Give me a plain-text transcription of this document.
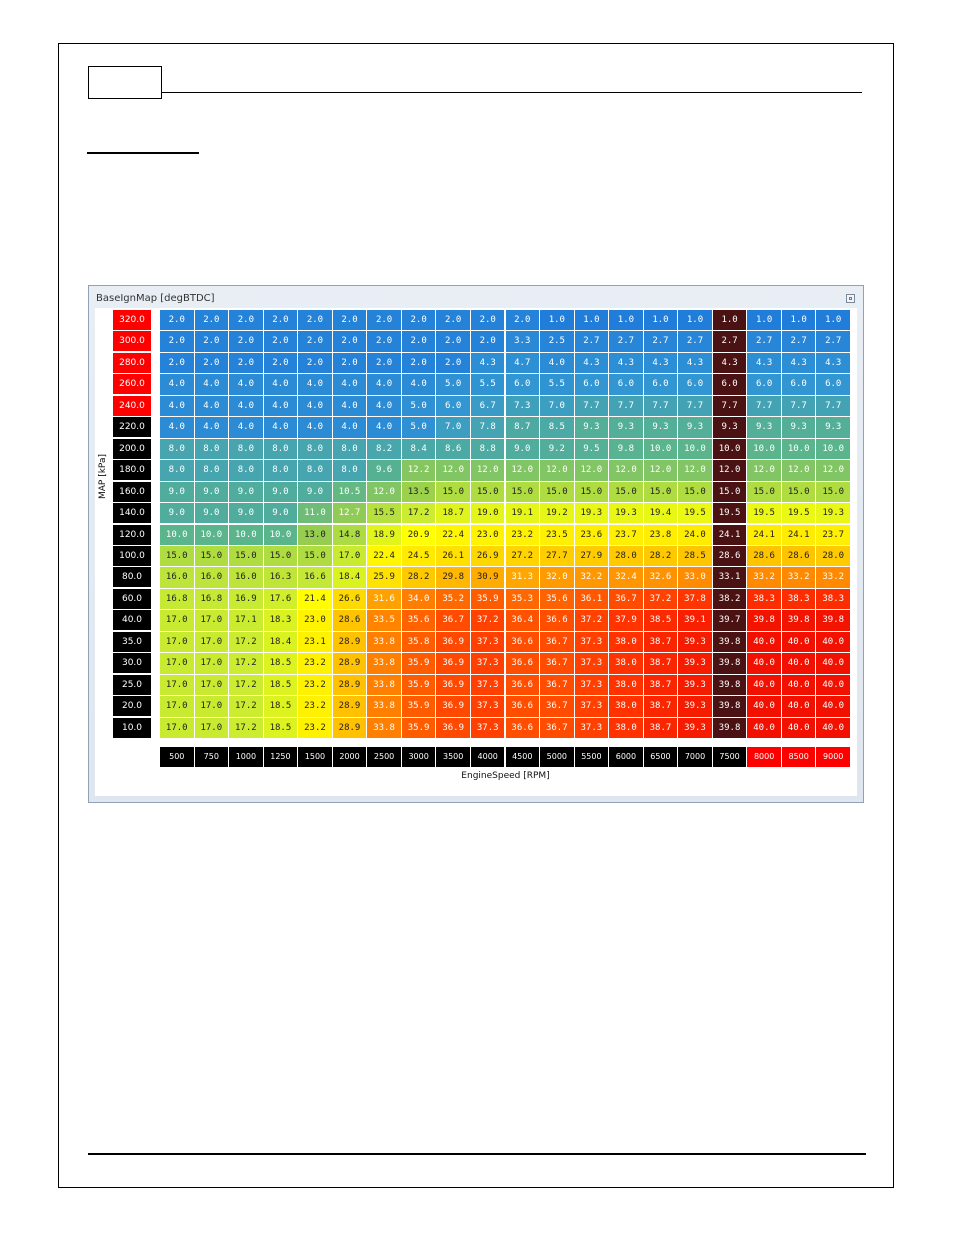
BaseIgnMap [degBTDC]
MAP [kPa]
320.0	2.0	2.0	2.0	2.0	2.0	2.0	2.0	2.0	2.0	2.0	2.0	1.0	1.0	1.0	1.0	1.0	1.0	1.0	1.0	1.0
300.0	2.0	2.0	2.0	2.0	2.0	2.0	2.0	2.0	2.0	2.0	3.3	2.5	2.7	2.7	2.7	2.7	2.7	2.7	2.7	2.7
280.0	2.0	2.0	2.0	2.0	2.0	2.0	2.0	2.0	2.0	4.3	4.7	4.0	4.3	4.3	4.3	4.3	4.3	4.3	4.3	4.3
260.0	4.0	4.0	4.0	4.0	4.0	4.0	4.0	4.0	5.0	5.5	6.0	5.5	6.0	6.0	6.0	6.0	6.0	6.0	6.0	6.0
240.0	4.0	4.0	4.0	4.0	4.0	4.0	4.0	5.0	6.0	6.7	7.3	7.0	7.7	7.7	7.7	7.7	7.7	7.7	7.7	7.7
220.0	4.0	4.0	4.0	4.0	4.0	4.0	4.0	5.0	7.0	7.8	8.7	8.5	9.3	9.3	9.3	9.3	9.3	9.3	9.3	9.3
200.0	8.0	8.0	8.0	8.0	8.0	8.0	8.2	8.4	8.6	8.8	9.0	9.2	9.5	9.8	10.0	10.0	10.0	10.0	10.0	10.0
180.0	8.0	8.0	8.0	8.0	8.0	8.0	9.6	12.2	12.0	12.0	12.0	12.0	12.0	12.0	12.0	12.0	12.0	12.0	12.0	12.0
160.0	9.0	9.0	9.0	9.0	9.0	10.5	12.0	13.5	15.0	15.0	15.0	15.0	15.0	15.0	15.0	15.0	15.0	15.0	15.0	15.0
140.0	9.0	9.0	9.0	9.0	11.0	12.7	15.5	17.2	18.7	19.0	19.1	19.2	19.3	19.3	19.4	19.5	19.5	19.5	19.5	19.3
120.0	10.0	10.0	10.0	10.0	13.0	14.8	18.9	20.9	22.4	23.0	23.2	23.5	23.6	23.7	23.8	24.0	24.1	24.1	24.1	23.7
100.0	15.0	15.0	15.0	15.0	15.0	17.0	22.4	24.5	26.1	26.9	27.2	27.7	27.9	28.0	28.2	28.5	28.6	28.6	28.6	28.0
80.0	16.0	16.0	16.0	16.3	16.6	18.4	25.9	28.2	29.8	30.9	31.3	32.0	32.2	32.4	32.6	33.0	33.1	33.2	33.2	33.2
60.0	16.8	16.8	16.9	17.6	21.4	26.6	31.6	34.0	35.2	35.9	35.3	35.6	36.1	36.7	37.2	37.8	38.2	38.3	38.3	38.3
40.0	17.0	17.0	17.1	18.3	23.0	28.6	33.5	35.6	36.7	37.2	36.4	36.6	37.2	37.9	38.5	39.1	39.7	39.8	39.8	39.8
35.0	17.0	17.0	17.2	18.4	23.1	28.9	33.8	35.8	36.9	37.3	36.6	36.7	37.3	38.0	38.7	39.3	39.8	40.0	40.0	40.0
30.0	17.0	17.0	17.2	18.5	23.2	28.9	33.8	35.9	36.9	37.3	36.6	36.7	37.3	38.0	38.7	39.3	39.8	40.0	40.0	40.0
25.0	17.0	17.0	17.2	18.5	23.2	28.9	33.8	35.9	36.9	37.3	36.6	36.7	37.3	38.0	38.7	39.3	39.8	40.0	40.0	40.0
20.0	17.0	17.0	17.2	18.5	23.2	28.9	33.8	35.9	36.9	37.3	36.6	36.7	37.3	38.0	38.7	39.3	39.8	40.0	40.0	40.0
10.0	17.0	17.0	17.2	18.5	23.2	28.9	33.8	35.9	36.9	37.3	36.6	36.7	37.3	38.0	38.7	39.3	39.8	40.0	40.0	40.0
500	750	1000	1250	1500	2000	2500	3000	3500	4000	4500	5000	5500	6000	6500	7000	7500	8000	8500	9000
EngineSpeed [RPM]
